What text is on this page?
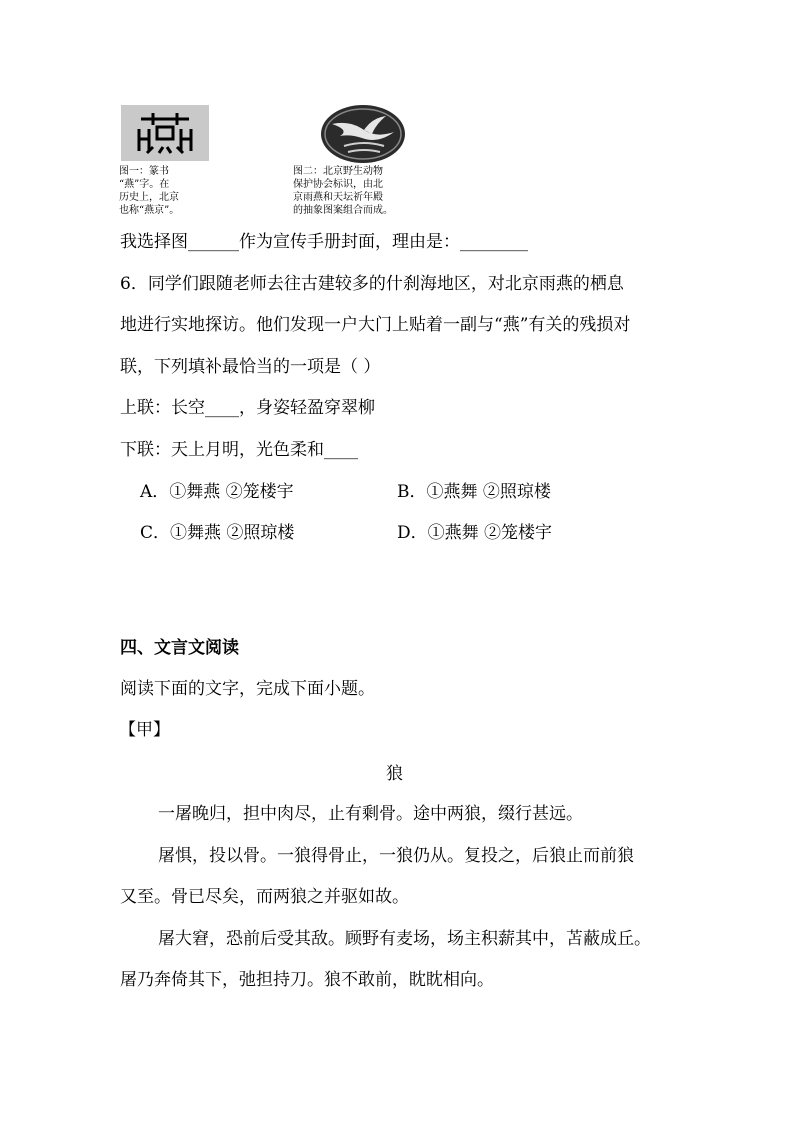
图一：篆书
“燕”字。在
历史上，北京
也称“燕京”。
图二：北京野生动物
保护协会标识，由北
京雨燕和天坛祈年殿
的抽象图案组合而成。
我选择图______作为宣传手册封面，理由是：________
6．同学们跟随老师去往古建较多的什刹海地区，对北京雨燕的栖息
地进行实地探访。他们发现一户大门上贴着一副与“燕”有关的残损对
联，下列填补最恰当的一项是（ ）
上联：长空____，身姿轻盈穿翠柳
下联：天上月明，光色柔和____
A．①舞燕 ②笼楼宇	B．①燕舞 ②照琼楼
C．①舞燕 ②照琼楼	D．①燕舞 ②笼楼宇
四、文言文阅读
阅读下面的文字，完成下面小题。
【甲】
狼
一屠晚归，担中肉尽，止有剩骨。途中两狼，缀行甚远。
屠惧，投以骨。一狼得骨止，一狼仍从。复投之，后狼止而前狼
又至。骨已尽矣，而两狼之并驱如故。
屠大窘，恐前后受其敌。顾野有麦场，场主积薪其中，苫蔽成丘。
屠乃奔倚其下，弛担持刀。狼不敢前，眈眈相向。
